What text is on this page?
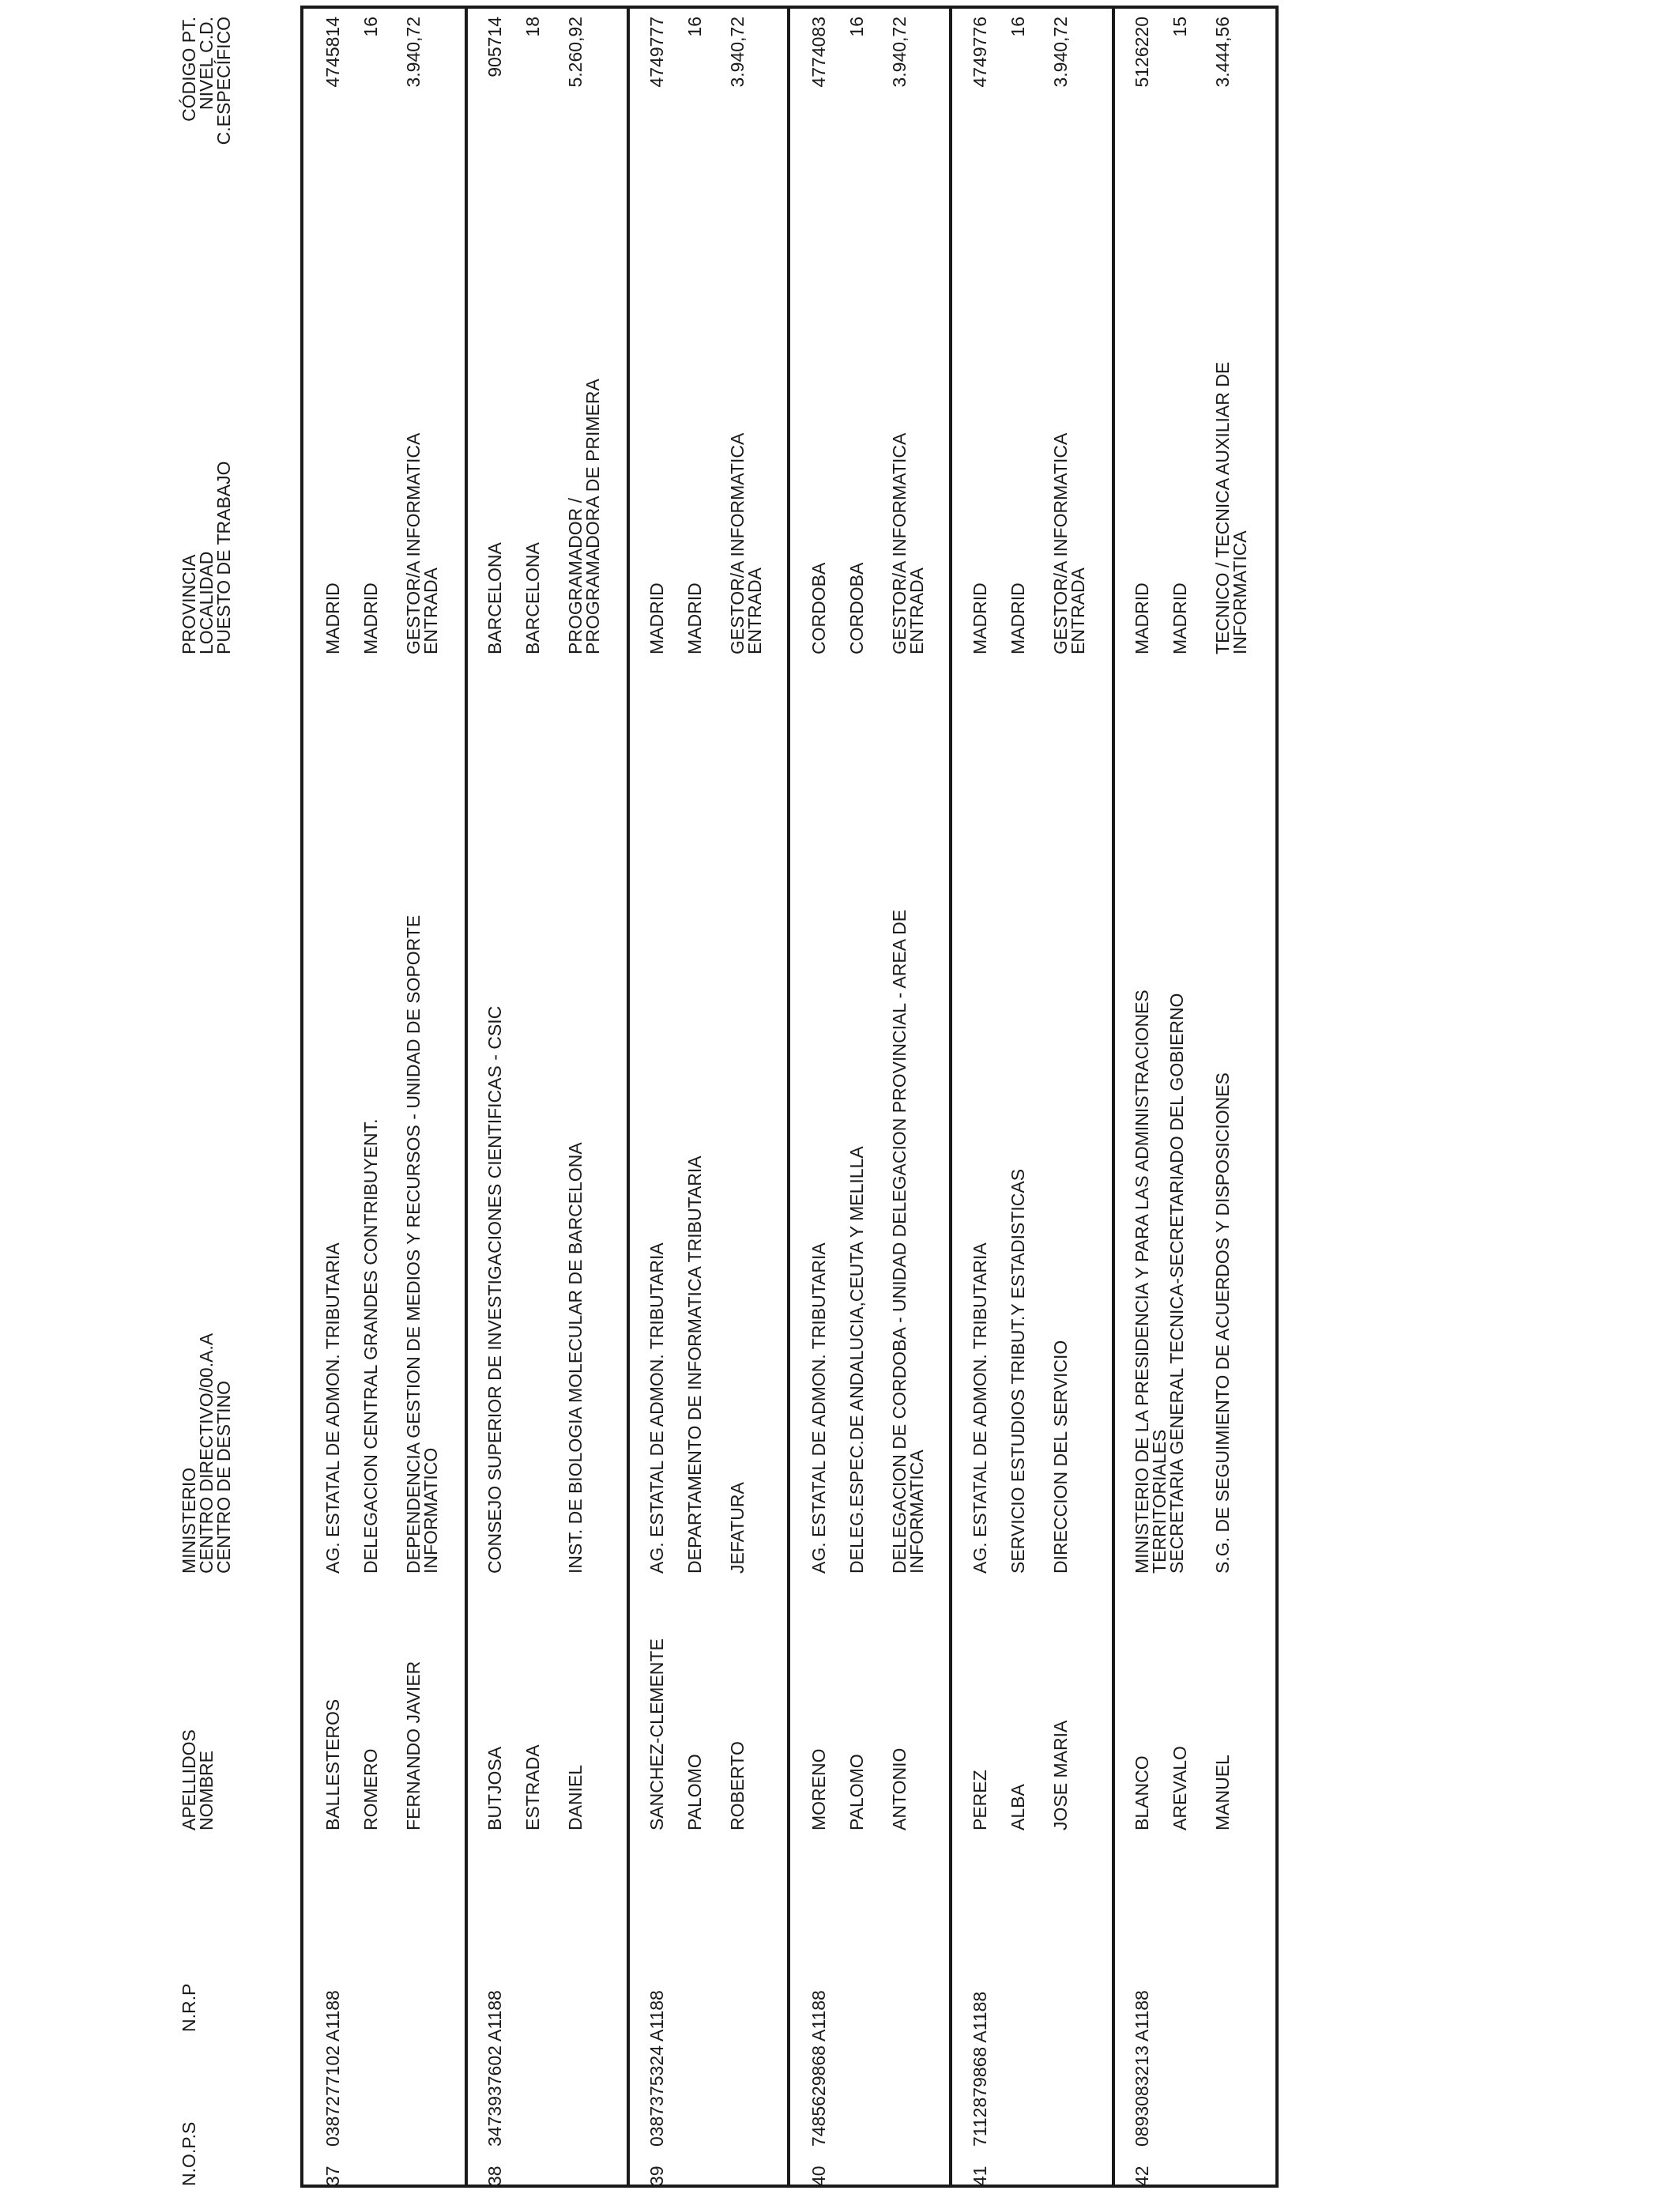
N.O.P.S
N.R.P
APELLIDOS
NOMBRE
MINISTERIO
CENTRO DIRECTIVO/00.A.A
CENTRO DE DESTINO
PROVINCIA
LOCALIDAD
PUESTO DE TRABAJO
CÓDIGO PT.
NIVEL C.D.
C.ESPECÍFICO
37
0387277102 A1188
BALLESTEROS ROMERO FERNANDO JAVIER
AG. ESTATAL DE ADMON. TRIBUTARIA DELEGACION CENTRAL GRANDES CONTRIBUYENT. DEPENDENCIA GESTION DE MEDIOS Y RECURSOS - UNIDAD DE SOPORTE
INFORMATICO
MADRID MADRID GESTOR/A INFORMATICA
ENTRADA
4745814 16 3.940,72
38
3473937602 A1188
BUTJOSA ESTRADA DANIEL
CONSEJO SUPERIOR DE INVESTIGACIONES CIENTIFICAS - CSIC	INST. DE BIOLOGIA MOLECULAR DE BARCELONA
BARCELONA BARCELONA PROGRAMADOR /
PROGRAMADORA DE PRIMERA
905714 18 5.260,92
39
0387375324 A1188
SANCHEZ-CLEMENTE PALOMO ROBERTO
AG. ESTATAL DE ADMON. TRIBUTARIA DEPARTAMENTO DE INFORMATICA TRIBUTARIA JEFATURA
MADRID MADRID GESTOR/A INFORMATICA
ENTRADA
4749777 16 3.940,72
40
7485629868 A1188
MORENO PALOMO ANTONIO
AG. ESTATAL DE ADMON. TRIBUTARIA DELEG.ESPEC.DE ANDALUCIA,CEUTA Y MELILLA DELEGACION DE CORDOBA - UNIDAD DELEGACION PROVINCIAL - AREA DE
INFORMATICA
CORDOBA CORDOBA GESTOR/A INFORMATICA
ENTRADA
4774083 16 3.940,72
41
7112879868 A1188
PEREZ ALBA JOSE MARIA
AG. ESTATAL DE ADMON. TRIBUTARIA SERVICIO ESTUDIOS TRIBUT.Y ESTADISTICAS DIRECCION DEL SERVICIO
MADRID MADRID GESTOR/A INFORMATICA
ENTRADA
4749776 16 3.940,72
42
0893083213 A1188
BLANCO AREVALO MANUEL
MINISTERIO DE LA PRESIDENCIA Y PARA LAS ADMINISTRACIONES
TERRITORIALES
SECRETARIA GENERAL TECNICA-SECRETARIADO DEL GOBIERNO S.G. DE SEGUIMIENTO DE ACUERDOS Y DISPOSICIONES
MADRID MADRID TECNICO / TECNICA AUXILIAR DE
INFORMATICA
5126220 15 3.444,56
